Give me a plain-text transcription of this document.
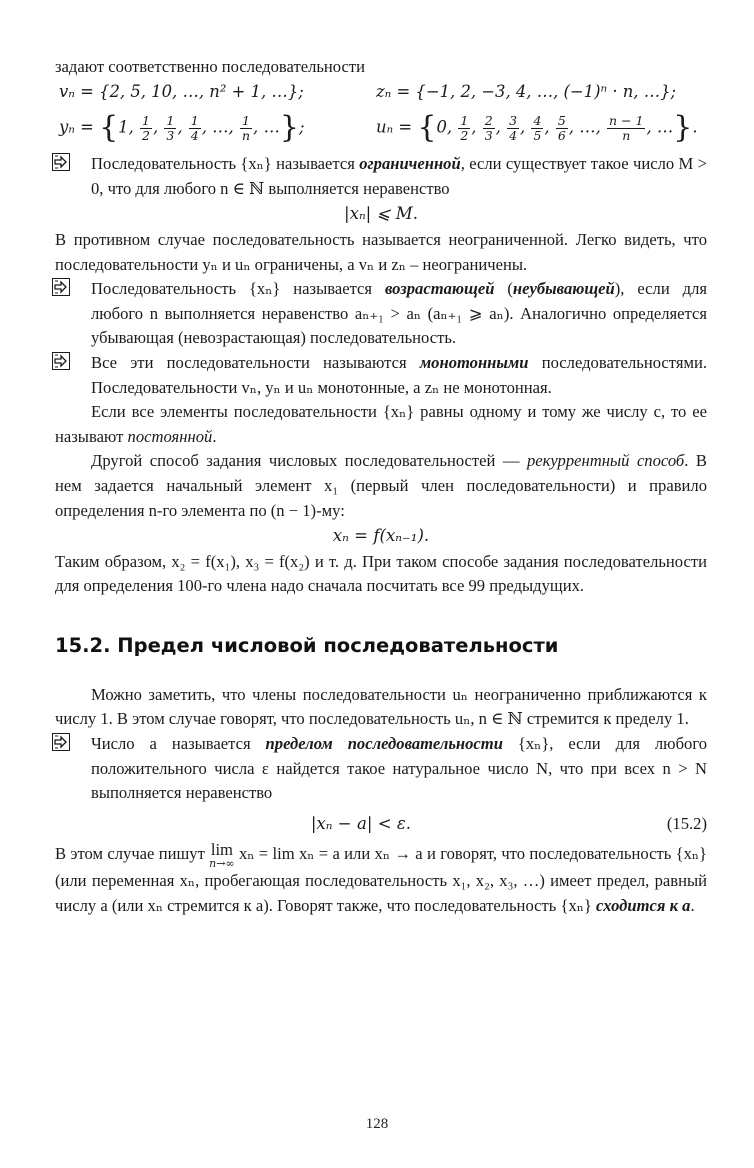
задают соответственно последовательности

vₙ = {2, 5, 10, …, n² + 1, …};	zₙ = {−1, 2, −3, 4, …, (−1)ⁿ · n, …};
yₙ = {1, $\frac{1}{2}$ , $\frac{1}{3}$ , $\frac{1}{4}$ , …, $\frac{1}{n}$ , …};	uₙ = {0, $\frac{1}{2}$ , $\frac{2}{3}$ , $\frac{3}{4}$ , $\frac{4}{5}$ , $\frac{5}{6}$ , …, $\frac{n - 1}{n}$ , …}.

Последовательность {xₙ} называется ограниченной, если существует такое число M > 0, что для любого n ∈ ℕ выполняется неравенство

|xₙ| ⩽ M.

В противном случае последовательность называется неограниченной. Легко видеть, что последовательности yₙ и uₙ ограничены, а vₙ и zₙ – неограничены.

Последовательность {xₙ} называется возрастающей (неубывающей), если для любого n выполняется неравенство aₙ₊₁ > aₙ (aₙ₊₁ ⩾ aₙ). Аналогично определяется убывающая (невозрастающая) последовательность.

Все эти последовательности называются монотонными последовательностями. Последовательности vₙ, yₙ и uₙ монотонные, а zₙ не монотонная.

Если все элементы последовательности {xₙ} равны одному и тому же числу c, то ее называют постоянной.

Другой способ задания числовых последовательностей — рекуррентный способ. В нем задается начальный элемент x₁ (первый член последовательности) и правило определения n-го элемента по (n − 1)-му:

xₙ = f(xₙ₋₁).

Таким образом, x₂ = f(x₁), x₃ = f(x₂) и т. д. При таком способе задания последовательности для определения 100-го члена надо сначала посчитать все 99 предыдущих.

15.2. Предел числовой последовательности

Можно заметить, что члены последовательности uₙ неограниченно приближаются к числу 1. В этом случае говорят, что последовательность uₙ, n ∈ ℕ стремится к пределу 1.

Число a называется пределом последовательности {xₙ}, если для любого положительного числа ε найдется такое натуральное число N, что при всех n > N выполняется неравенство

|xₙ − a| < ε.	(15.2)

В этом случае пишут lim
n→∞
xₙ = lim xₙ = a или xₙ → a и говорят, что последовательность {xₙ} (или переменная xₙ, пробегающая последовательность x₁, x₂, x₃, …) имеет предел, равный числу a (или xₙ стремится к a). Говорят также, что последовательность {xₙ} сходится к a.

128
